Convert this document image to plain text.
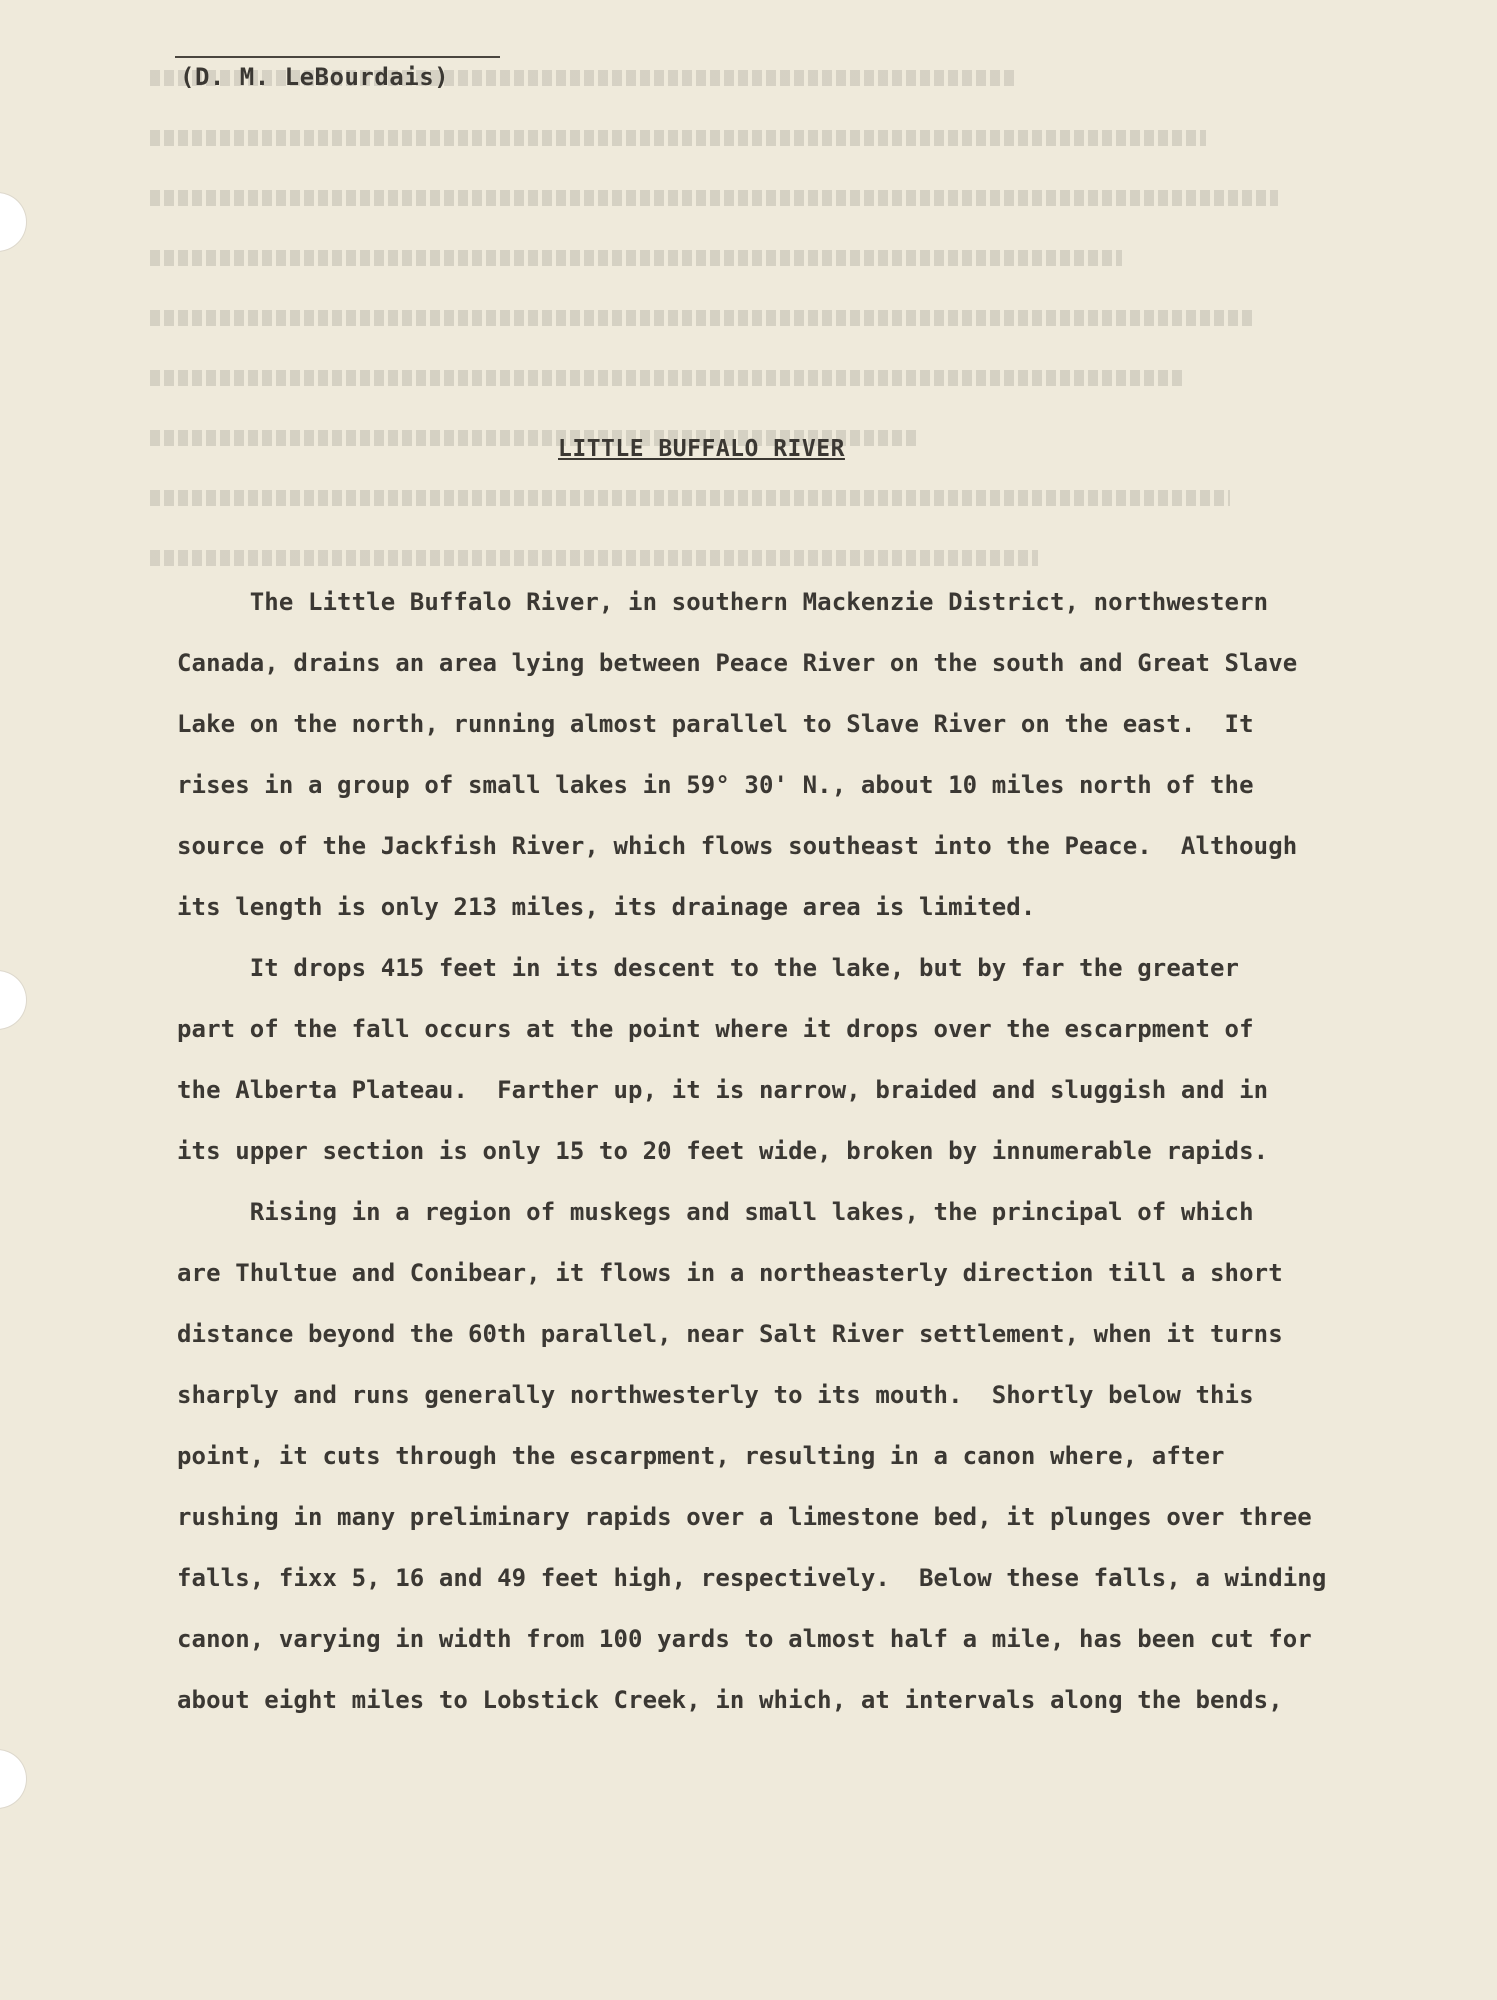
(D. M. LeBourdais)
LITTLE BUFFALO RIVER
The Little Buffalo River, in southern Mackenzie District, northwestern
Canada, drains an area lying between Peace River on the south and Great Slave
Lake on the north, running almost parallel to Slave River on the east.  It
rises in a group of small lakes in 59° 30' N., about 10 miles north of the
source of the Jackfish River, which flows southeast into the Peace.  Although
its length is only 213 miles, its drainage area is limited.
It drops 415 feet in its descent to the lake, but by far the greater
part of the fall occurs at the point where it drops over the escarpment of
the Alberta Plateau.  Farther up, it is narrow, braided and sluggish and in
its upper section is only 15 to 20 feet wide, broken by innumerable rapids.
Rising in a region of muskegs and small lakes, the principal of which
are Thultue and Conibear, it flows in a northeasterly direction till a short
distance beyond the 60th parallel, near Salt River settlement, when it turns
sharply and runs generally northwesterly to its mouth.  Shortly below this
point, it cuts through the escarpment, resulting in a canon where, after
rushing in many preliminary rapids over a limestone bed, it plunges over three
falls, fixx 5, 16 and 49 feet high, respectively.  Below these falls, a winding
canon, varying in width from 100 yards to almost half a mile, has been cut for
about eight miles to Lobstick Creek, in which, at intervals along the bends,
